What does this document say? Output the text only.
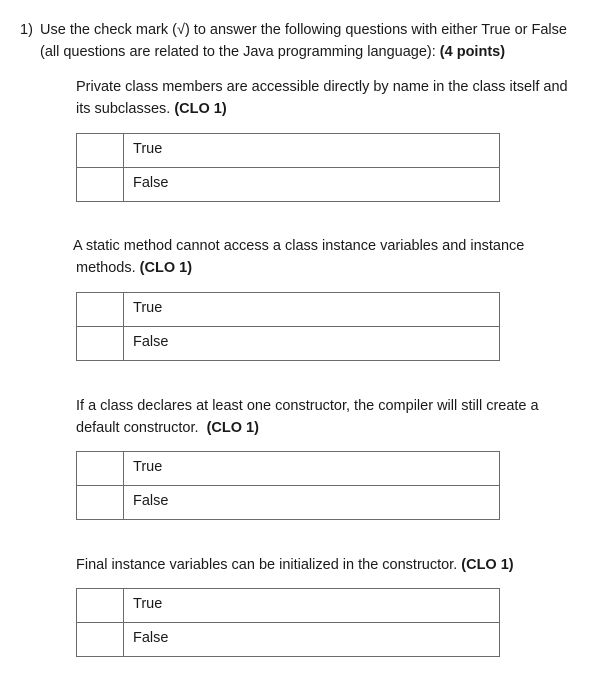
1) Use the check mark (√) to answer the following questions with either True or False
(all questions are related to the Java programming language): (4 points)
Private class members are accessible directly by name in the class itself and
its subclasses. (CLO 1)
	True
	False
A static method cannot access a class instance variables and instance
methods. (CLO 1)
	True
	False
If a class declares at least one constructor, the compiler will still create a
default constructor.  (CLO 1)
	True
	False
Final instance variables can be initialized in the constructor. (CLO 1)
	True
	False
